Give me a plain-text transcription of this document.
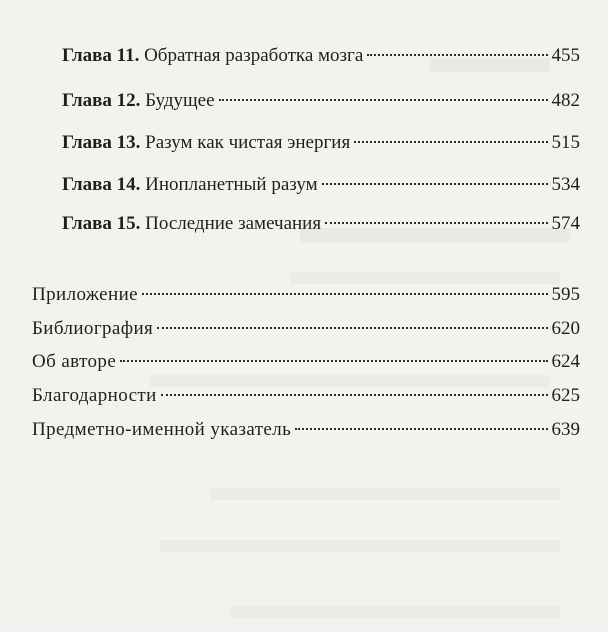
Глава 11. Обратная разработка мозга	455
Глава 12. Будущее	482
Глава 13. Разум как чистая энергия	515
Глава 14. Инопланетный разум	534
Глава 15. Последние замечания	574
Приложение	595
Библиография	620
Об авторе	624
Благодарности	625
Предметно-именной указатель	639
